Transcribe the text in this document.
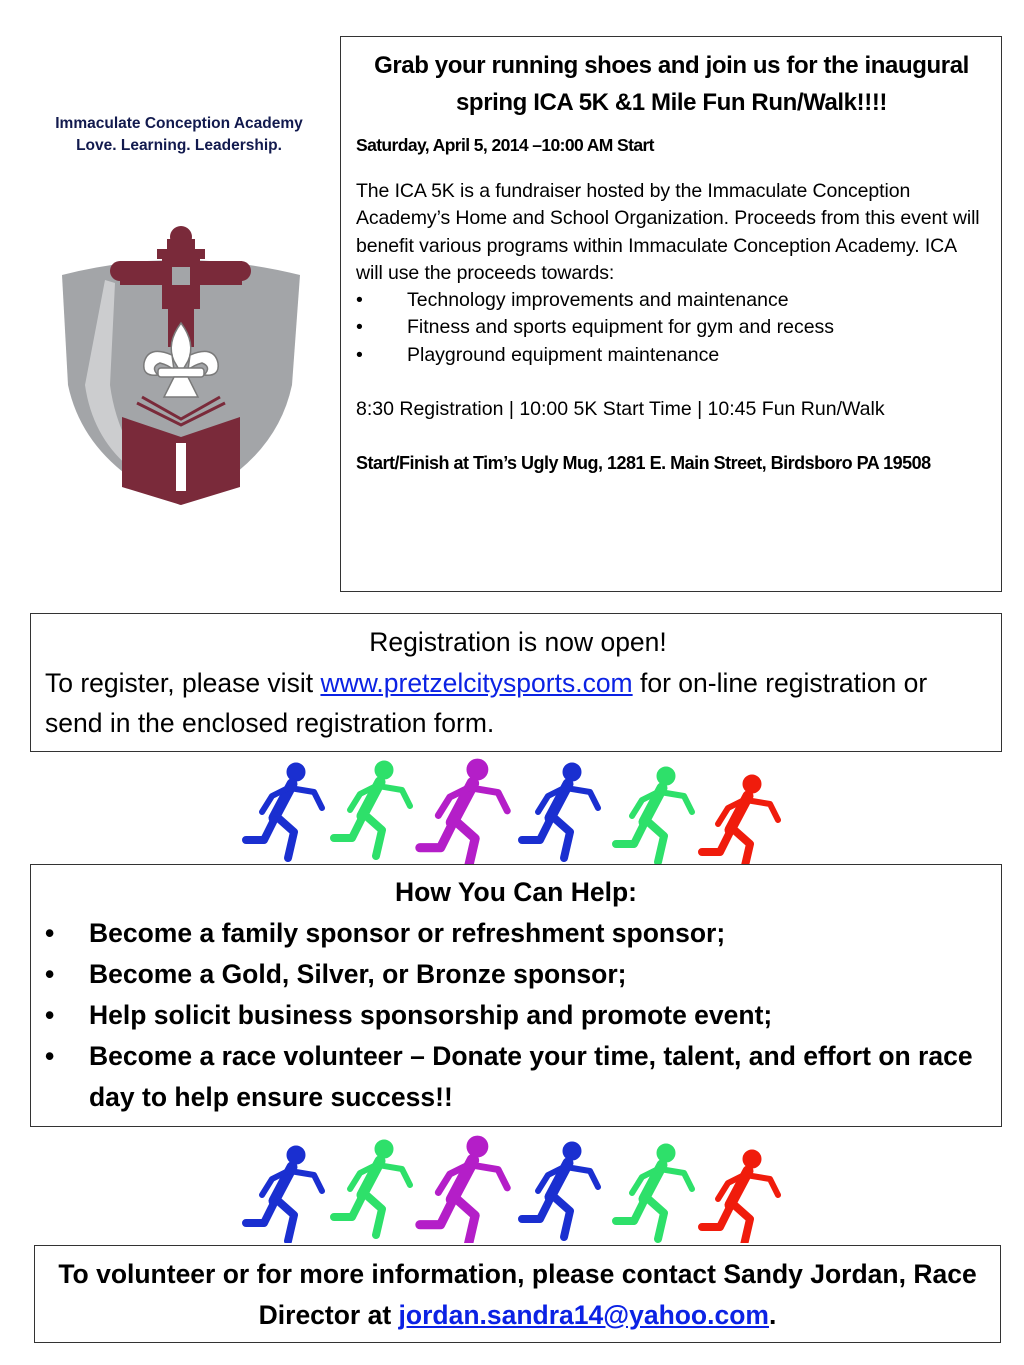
Immaculate Conception Academy
Love. Learning. Leadership.

Grab your running shoes and join us for the inaugural spring ICA 5K &1 Mile Fun Run/Walk!!!!

Saturday, April 5, 2014 –10:00 AM Start
The ICA 5K is a fundraiser hosted by the Immaculate Conception Academy’s Home and School Organization. Proceeds from this event will benefit various programs within Immaculate Conception Academy. ICA will use the proceeds towards:
• Technology improvements and maintenance
• Fitness and sports equipment for gym and recess
• Playground equipment maintenance
8:30 Registration | 10:00 5K Start Time | 10:45 Fun Run/Walk
Start/Finish at Tim’s Ugly Mug, 1281 E. Main Street, Birdsboro PA 19508
Registration is now open!
To register, please visit www.pretzelcitysports.com for on-line registration or send in the enclosed registration form.
How You Can Help:
• Become a family sponsor or refreshment sponsor;
• Become a Gold, Silver, or Bronze sponsor;
• Help solicit business sponsorship and promote event;
• Become a race volunteer – Donate your time, talent, and effort on race day to help ensure success!!
To volunteer or for more information, please contact Sandy Jordan, Race Director at jordan.sandra14@yahoo.com.
